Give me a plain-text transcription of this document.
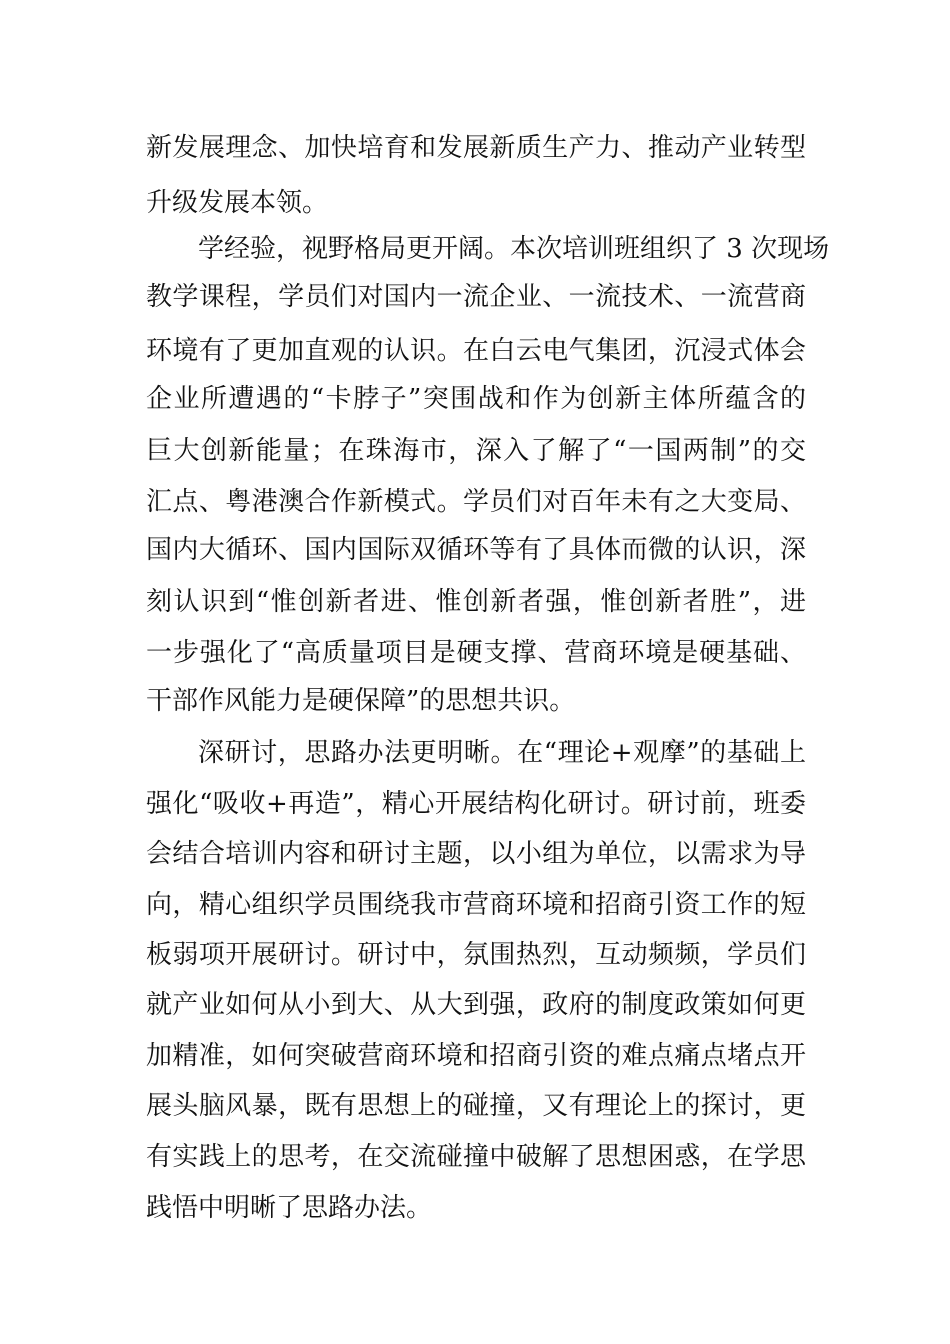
新发展理念、加快培育和发展新质生产力、推动产业转型
升级发展本领。
学经验，视野格局更开阔。本次培训班组织了 3 次现场
教学课程，学员们对国内一流企业、一流技术、一流营商
环境有了更加直观的认识。在白云电气集团，沉浸式体会
企业所遭遇的“卡脖子”突围战和作为创新主体所蕴含的
巨大创新能量；在珠海市，深入了解了“一国两制”的交
汇点、粤港澳合作新模式。学员们对百年未有之大变局、
国内大循环、国内国际双循环等有了具体而微的认识，深
刻认识到“惟创新者进、惟创新者强，惟创新者胜”，进
一步强化了“高质量项目是硬支撑、营商环境是硬基础、
干部作风能力是硬保障”的思想共识。
深研讨，思路办法更明晰。在“理论+观摩”的基础上
强化“吸收+再造”，精心开展结构化研讨。研讨前，班委
会结合培训内容和研讨主题，以小组为单位，以需求为导
向，精心组织学员围绕我市营商环境和招商引资工作的短
板弱项开展研讨。研讨中，氛围热烈，互动频频，学员们
就产业如何从小到大、从大到强，政府的制度政策如何更
加精准，如何突破营商环境和招商引资的难点痛点堵点开
展头脑风暴，既有思想上的碰撞，又有理论上的探讨，更
有实践上的思考，在交流碰撞中破解了思想困惑，在学思
践悟中明晰了思路办法。
